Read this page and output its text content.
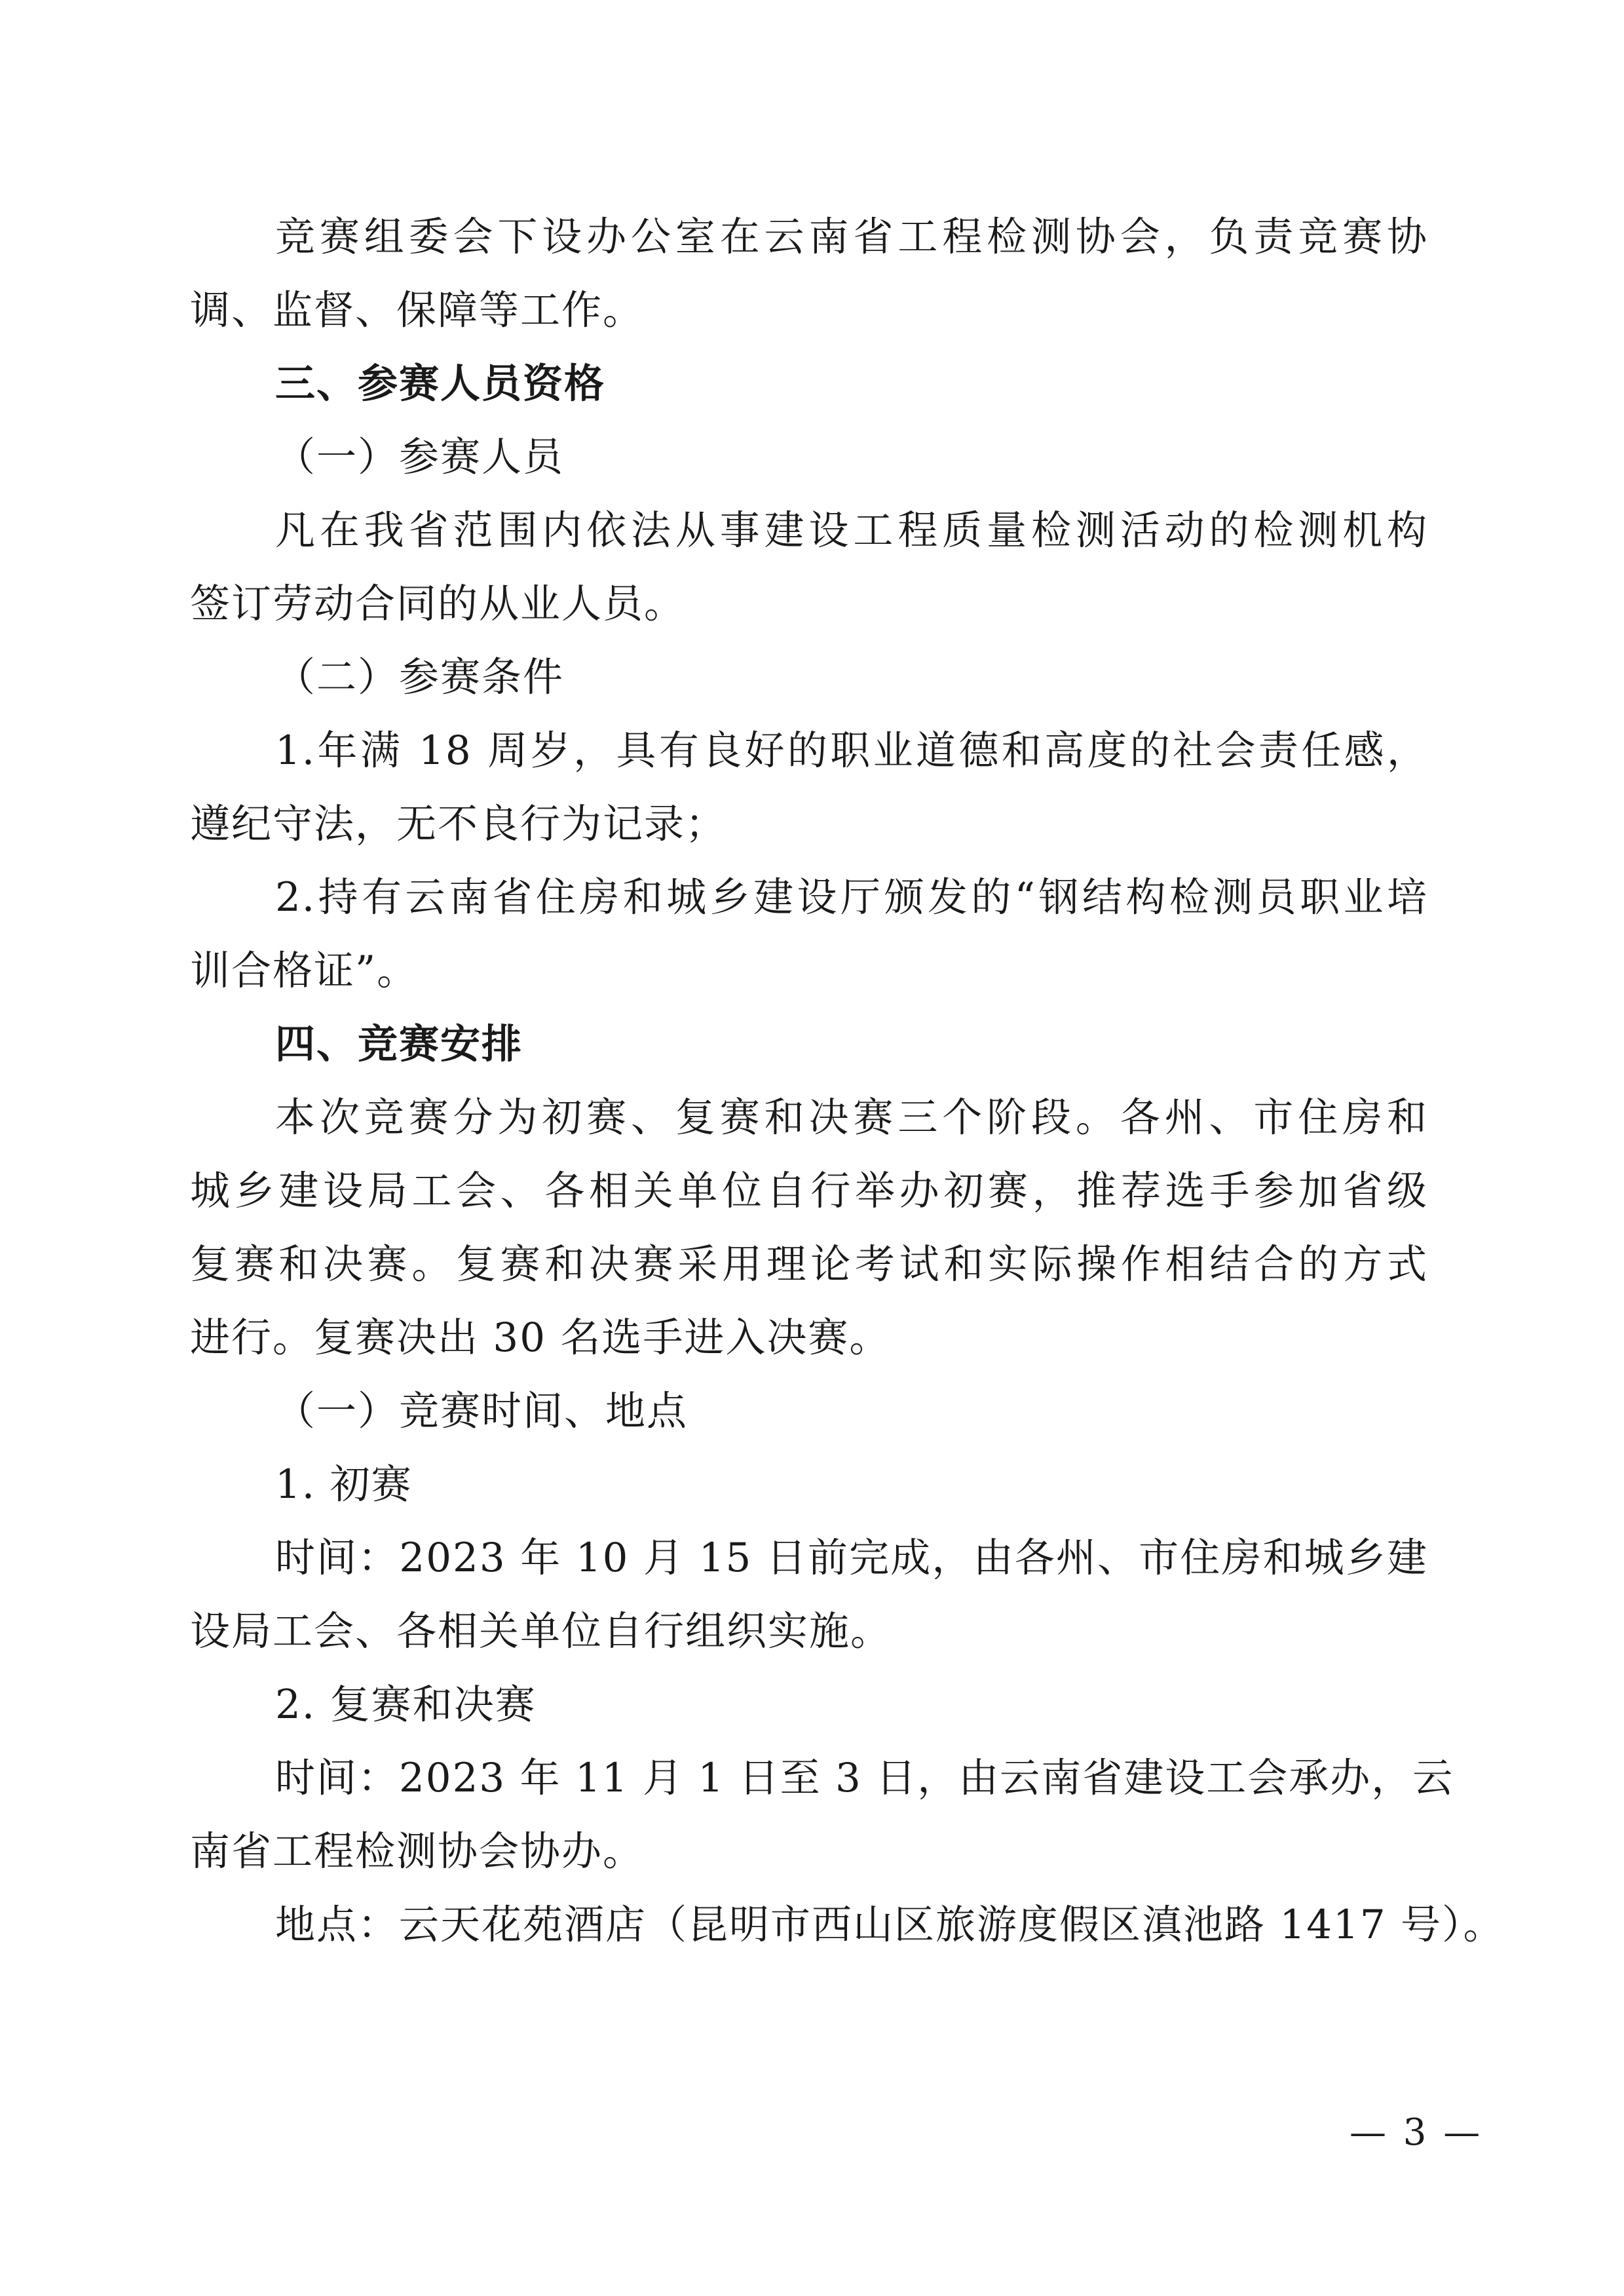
竞赛组委会下设办公室在云南省工程检测协会，负责竞赛协
调、监督、保障等工作。
三、参赛人员资格
（一）参赛人员
凡在我省范围内依法从事建设工程质量检测活动的检测机构
签订劳动合同的从业人员。
（二）参赛条件
1.年满 18 周岁，具有良好的职业道德和高度的社会责任感，
遵纪守法，无不良行为记录；
2.持有云南省住房和城乡建设厅颁发的“钢结构检测员职业培
训合格证”。
四、竞赛安排
本次竞赛分为初赛、复赛和决赛三个阶段。各州、市住房和
城乡建设局工会、各相关单位自行举办初赛，推荐选手参加省级
复赛和决赛。复赛和决赛采用理论考试和实际操作相结合的方式
进行。复赛决出 30 名选手进入决赛。
（一）竞赛时间、地点
1. 初赛
时间：2023 年 10 月 15 日前完成，由各州、市住房和城乡建
设局工会、各相关单位自行组织实施。
2. 复赛和决赛
时间：2023 年 11 月 1 日至 3 日，由云南省建设工会承办，云
南省工程检测协会协办。
地点：云天花苑酒店（昆明市西山区旅游度假区滇池路 1417 号）。
— 3 —
